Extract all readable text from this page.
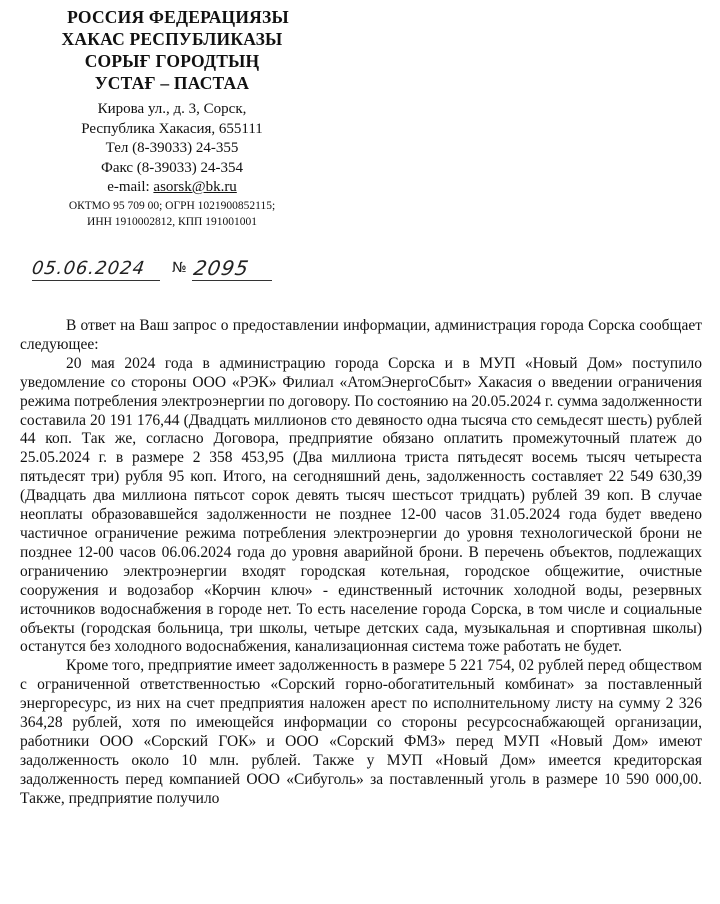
РОССИЯ ФЕДЕРАЦИЯЗЫ
ХАКАС РЕСПУБЛИКАЗЫ
СОРЫҒ ГОРОДТЫҢ
УСТАҒ – ПАСТАА
Кирова ул., д. 3, Сорск,
Республика Хакасия, 655111
Тел (8-39033) 24-355
Факс (8-39033) 24-354
e-mail: asorsk@bk.ru
ОКТМО 95 709 00; ОГРН 1021900852115;
ИНН 1910002812, КПП 191001001
05.06.2024 № 2095

В ответ на Ваш запрос о предоставлении информации, администрация города Сорска сообщает следующее:

20 мая 2024 года в администрацию города Сорска и в МУП «Новый Дом» поступило уведомление со стороны ООО «РЭК» Филиал «АтомЭнергоСбыт» Хакасия о введении ограничения режима потребления электроэнергии по договору. По состоянию на 20.05.2024 г. сумма задолженности составила 20 191 176,44 (Двадцать миллионов сто девяносто одна тысяча сто семьдесят шесть) рублей 44 коп. Так же, согласно Договора, предприятие обязано оплатить промежуточный платеж до 25.05.2024 г. в размере 2 358 453,95 (Два миллиона триста пятьдесят восемь тысяч четыреста пятьдесят три) рубля 95 коп. Итого, на сегодняшний день, задолженность составляет 22 549 630,39 (Двадцать два миллиона пятьсот сорок девять тысяч шестьсот тридцать) рублей 39 коп. В случае неоплаты образовавшейся задолженности не позднее 12-00 часов 31.05.2024 года будет введено частичное ограничение режима потребления электроэнергии до уровня технологической брони не позднее 12-00 часов 06.06.2024 года до уровня аварийной брони. В перечень объектов, подлежащих ограничению электроэнергии входят городская котельная, городское общежитие, очистные сооружения и водозабор «Корчин ключ» - единственный источник холодной воды, резервных источников водоснабжения в городе нет. То есть население города Сорска, в том числе и социальные объекты (городская больница, три школы, четыре детских сада, музыкальная и спортивная школы) останутся без холодного водоснабжения, канализационная система тоже работать не будет.

Кроме того, предприятие имеет задолженность в размере 5 221 754, 02 рублей перед обществом с ограниченной ответственностью «Сорский горно-обогатительный комбинат» за поставленный энергоресурс, из них на счет предприятия наложен арест по исполнительному листу на сумму 2 326 364,28 рублей, хотя по имеющейся информации со стороны ресурсоснабжающей организации, работники ООО «Сорский ГОК» и ООО «Сорский ФМЗ» перед МУП «Новый Дом» имеют задолженность около 10 млн. рублей. Также у МУП «Новый Дом» имеется кредиторская задолженность перед компанией ООО «Сибуголь» за поставленный уголь в размере 10 590 000,00. Также, предприятие получило
